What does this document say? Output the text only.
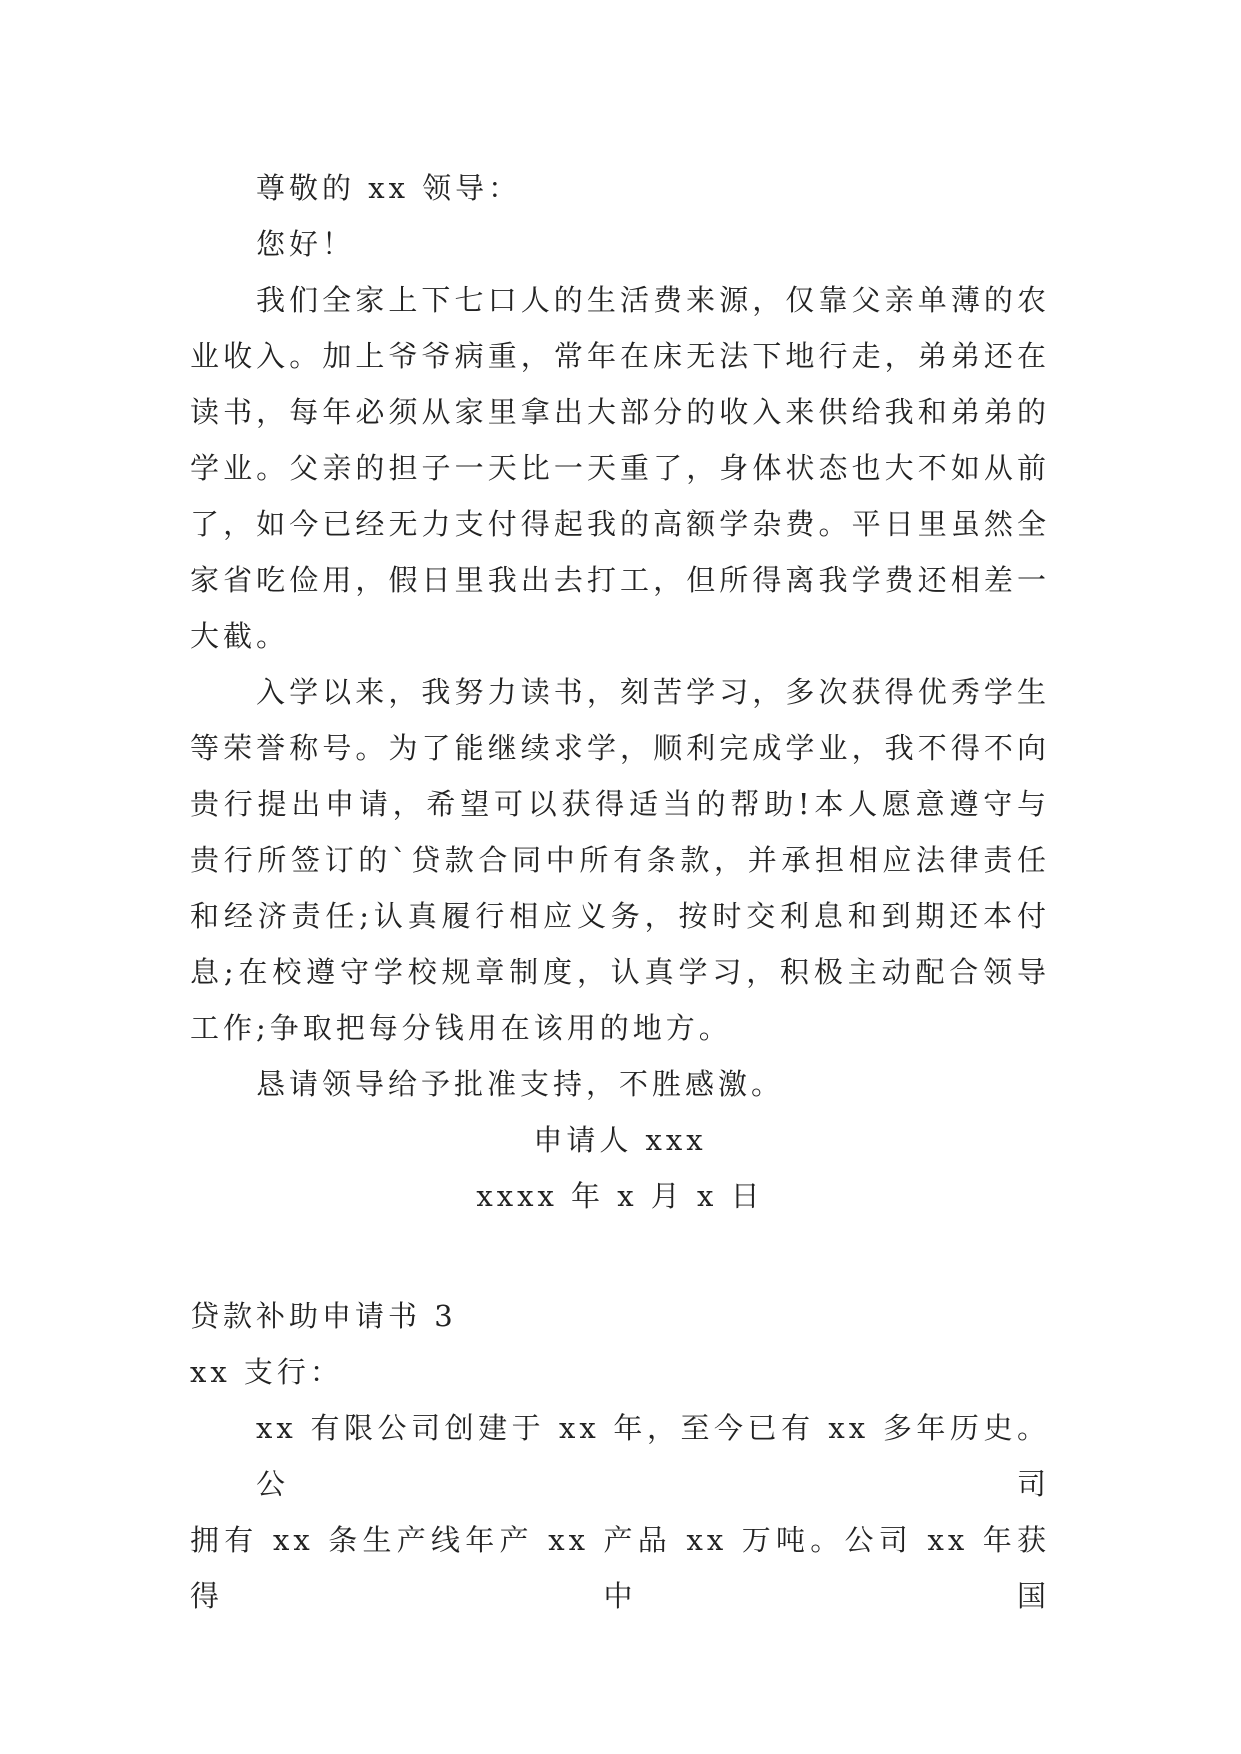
尊敬的 xx 领导：

您好！

我们全家上下七口人的生活费来源，仅靠父亲单薄的农

业收入。加上爷爷病重，常年在床无法下地行走，弟弟还在

读书，每年必须从家里拿出大部分的收入来供给我和弟弟的

学业。父亲的担子一天比一天重了，身体状态也大不如从前

了，如今已经无力支付得起我的高额学杂费。平日里虽然全

家省吃俭用，假日里我出去打工，但所得离我学费还相差一

大截。

入学以来，我努力读书，刻苦学习，多次获得优秀学生

等荣誉称号。为了能继续求学，顺利完成学业，我不得不向

贵行提出申请，希望可以获得适当的帮助!本人愿意遵守与

贵行所签订的`贷款合同中所有条款，并承担相应法律责任

和经济责任;认真履行相应义务，按时交利息和到期还本付

息;在校遵守学校规章制度，认真学习，积极主动配合领导

工作;争取把每分钱用在该用的地方。

恳请领导给予批准支持，不胜感激。

申请人 xxx

xxxx 年 x 月 x 日

贷款补助申请书 3

xx 支行：

xx 有限公司创建于 xx 年，至今已有 xx 多年历史。公司

拥有 xx 条生产线年产 xx 产品 xx 万吨。公司 xx 年获得中国
